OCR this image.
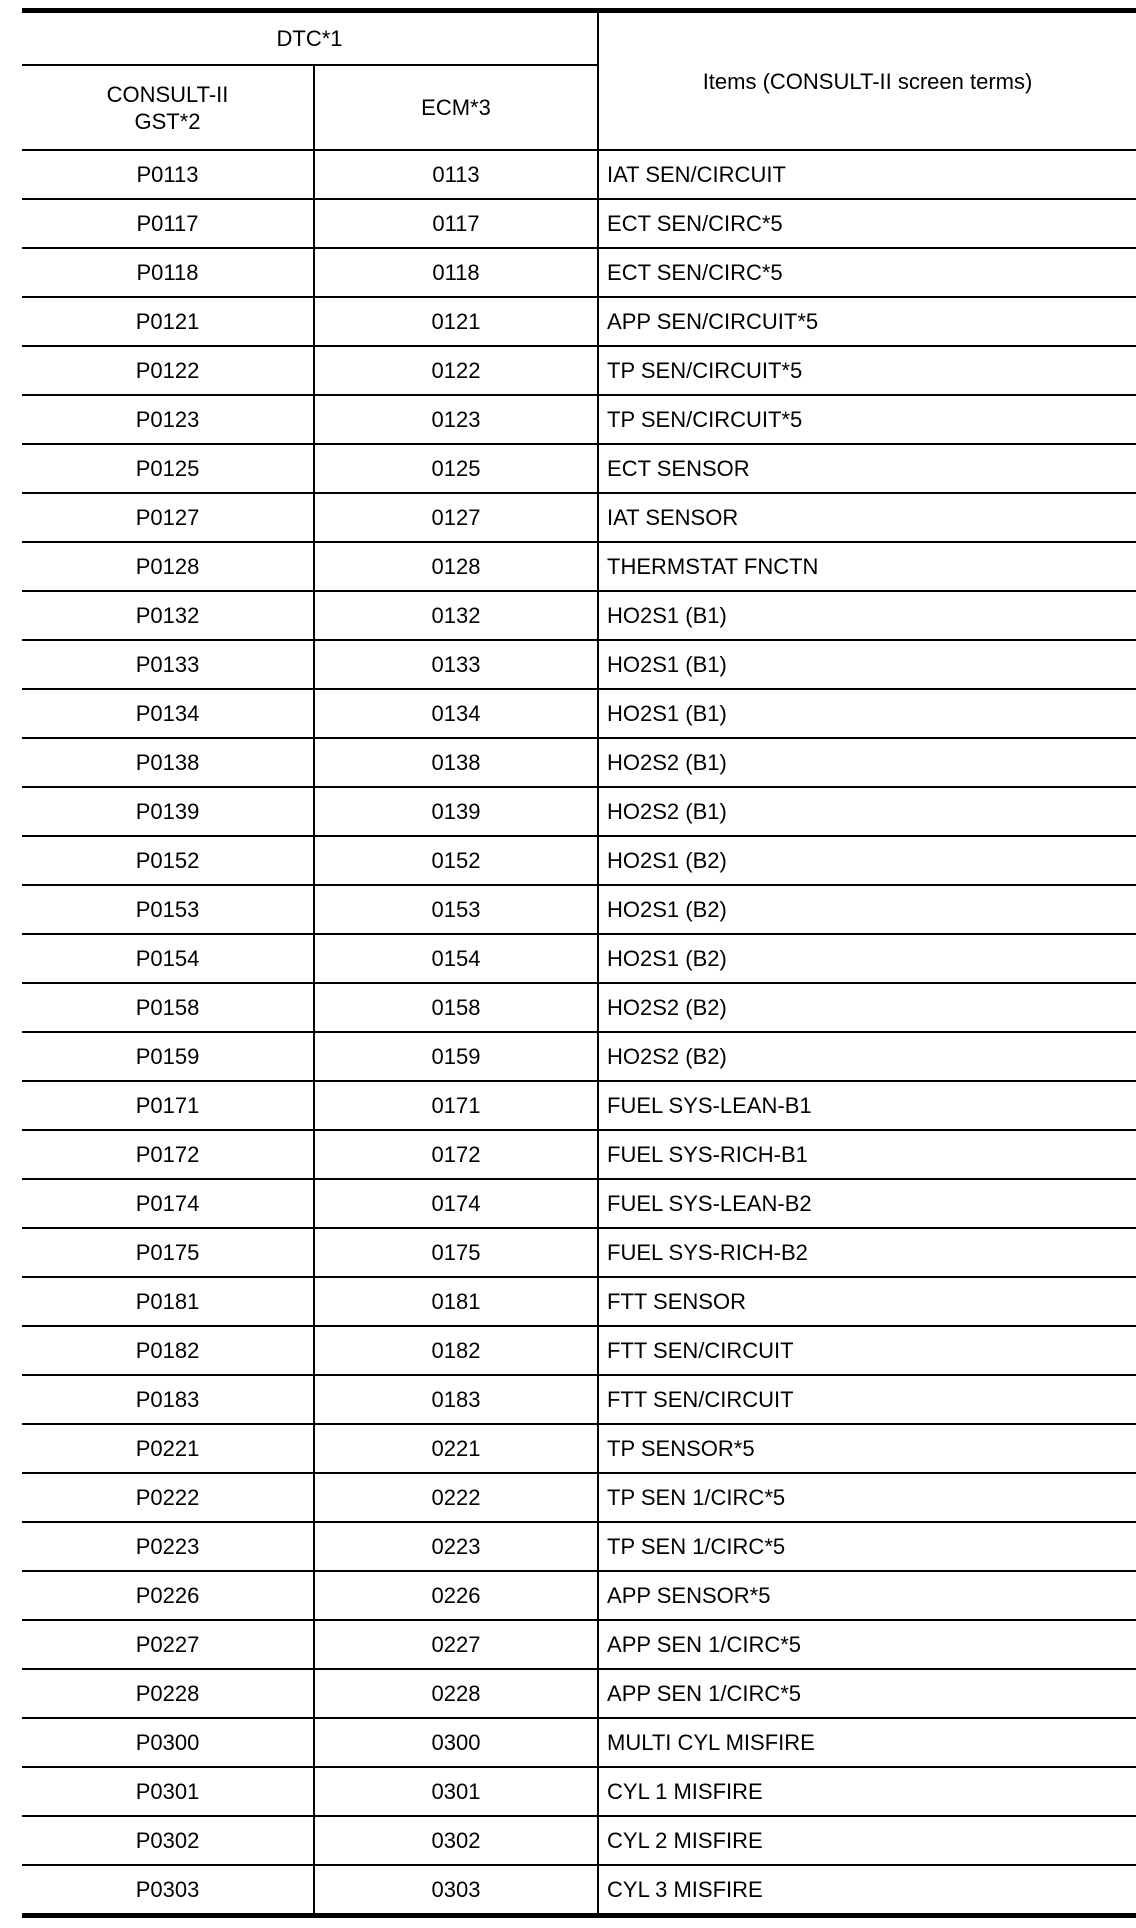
DTC*1		Items (CONSULT-II screen terms)

CONSULT-II
GST*2	ECM*3	
P0113	0113	IAT SEN/CIRCUIT
P0117	0117	ECT SEN/CIRC*5
P0118	0118	ECT SEN/CIRC*5
P0121	0121	APP SEN/CIRCUIT*5
P0122	0122	TP SEN/CIRCUIT*5
P0123	0123	TP SEN/CIRCUIT*5
P0125	0125	ECT SENSOR
P0127	0127	IAT SENSOR
P0128	0128	THERMSTAT FNCTN
P0132	0132	HO2S1 (B1)
P0133	0133	HO2S1 (B1)
P0134	0134	HO2S1 (B1)
P0138	0138	HO2S2 (B1)
P0139	0139	HO2S2 (B1)
P0152	0152	HO2S1 (B2)
P0153	0153	HO2S1 (B2)
P0154	0154	HO2S1 (B2)
P0158	0158	HO2S2 (B2)
P0159	0159	HO2S2 (B2)
P0171	0171	FUEL SYS-LEAN-B1
P0172	0172	FUEL SYS-RICH-B1
P0174	0174	FUEL SYS-LEAN-B2
P0175	0175	FUEL SYS-RICH-B2
P0181	0181	FTT SENSOR
P0182	0182	FTT SEN/CIRCUIT
P0183	0183	FTT SEN/CIRCUIT
P0221	0221	TP SENSOR*5
P0222	0222	TP SEN 1/CIRC*5
P0223	0223	TP SEN 1/CIRC*5
P0226	0226	APP SENSOR*5
P0227	0227	APP SEN 1/CIRC*5
P0228	0228	APP SEN 1/CIRC*5
P0300	0300	MULTI CYL MISFIRE
P0301	0301	CYL 1 MISFIRE
P0302	0302	CYL 2 MISFIRE
P0303	0303	CYL 3 MISFIRE
